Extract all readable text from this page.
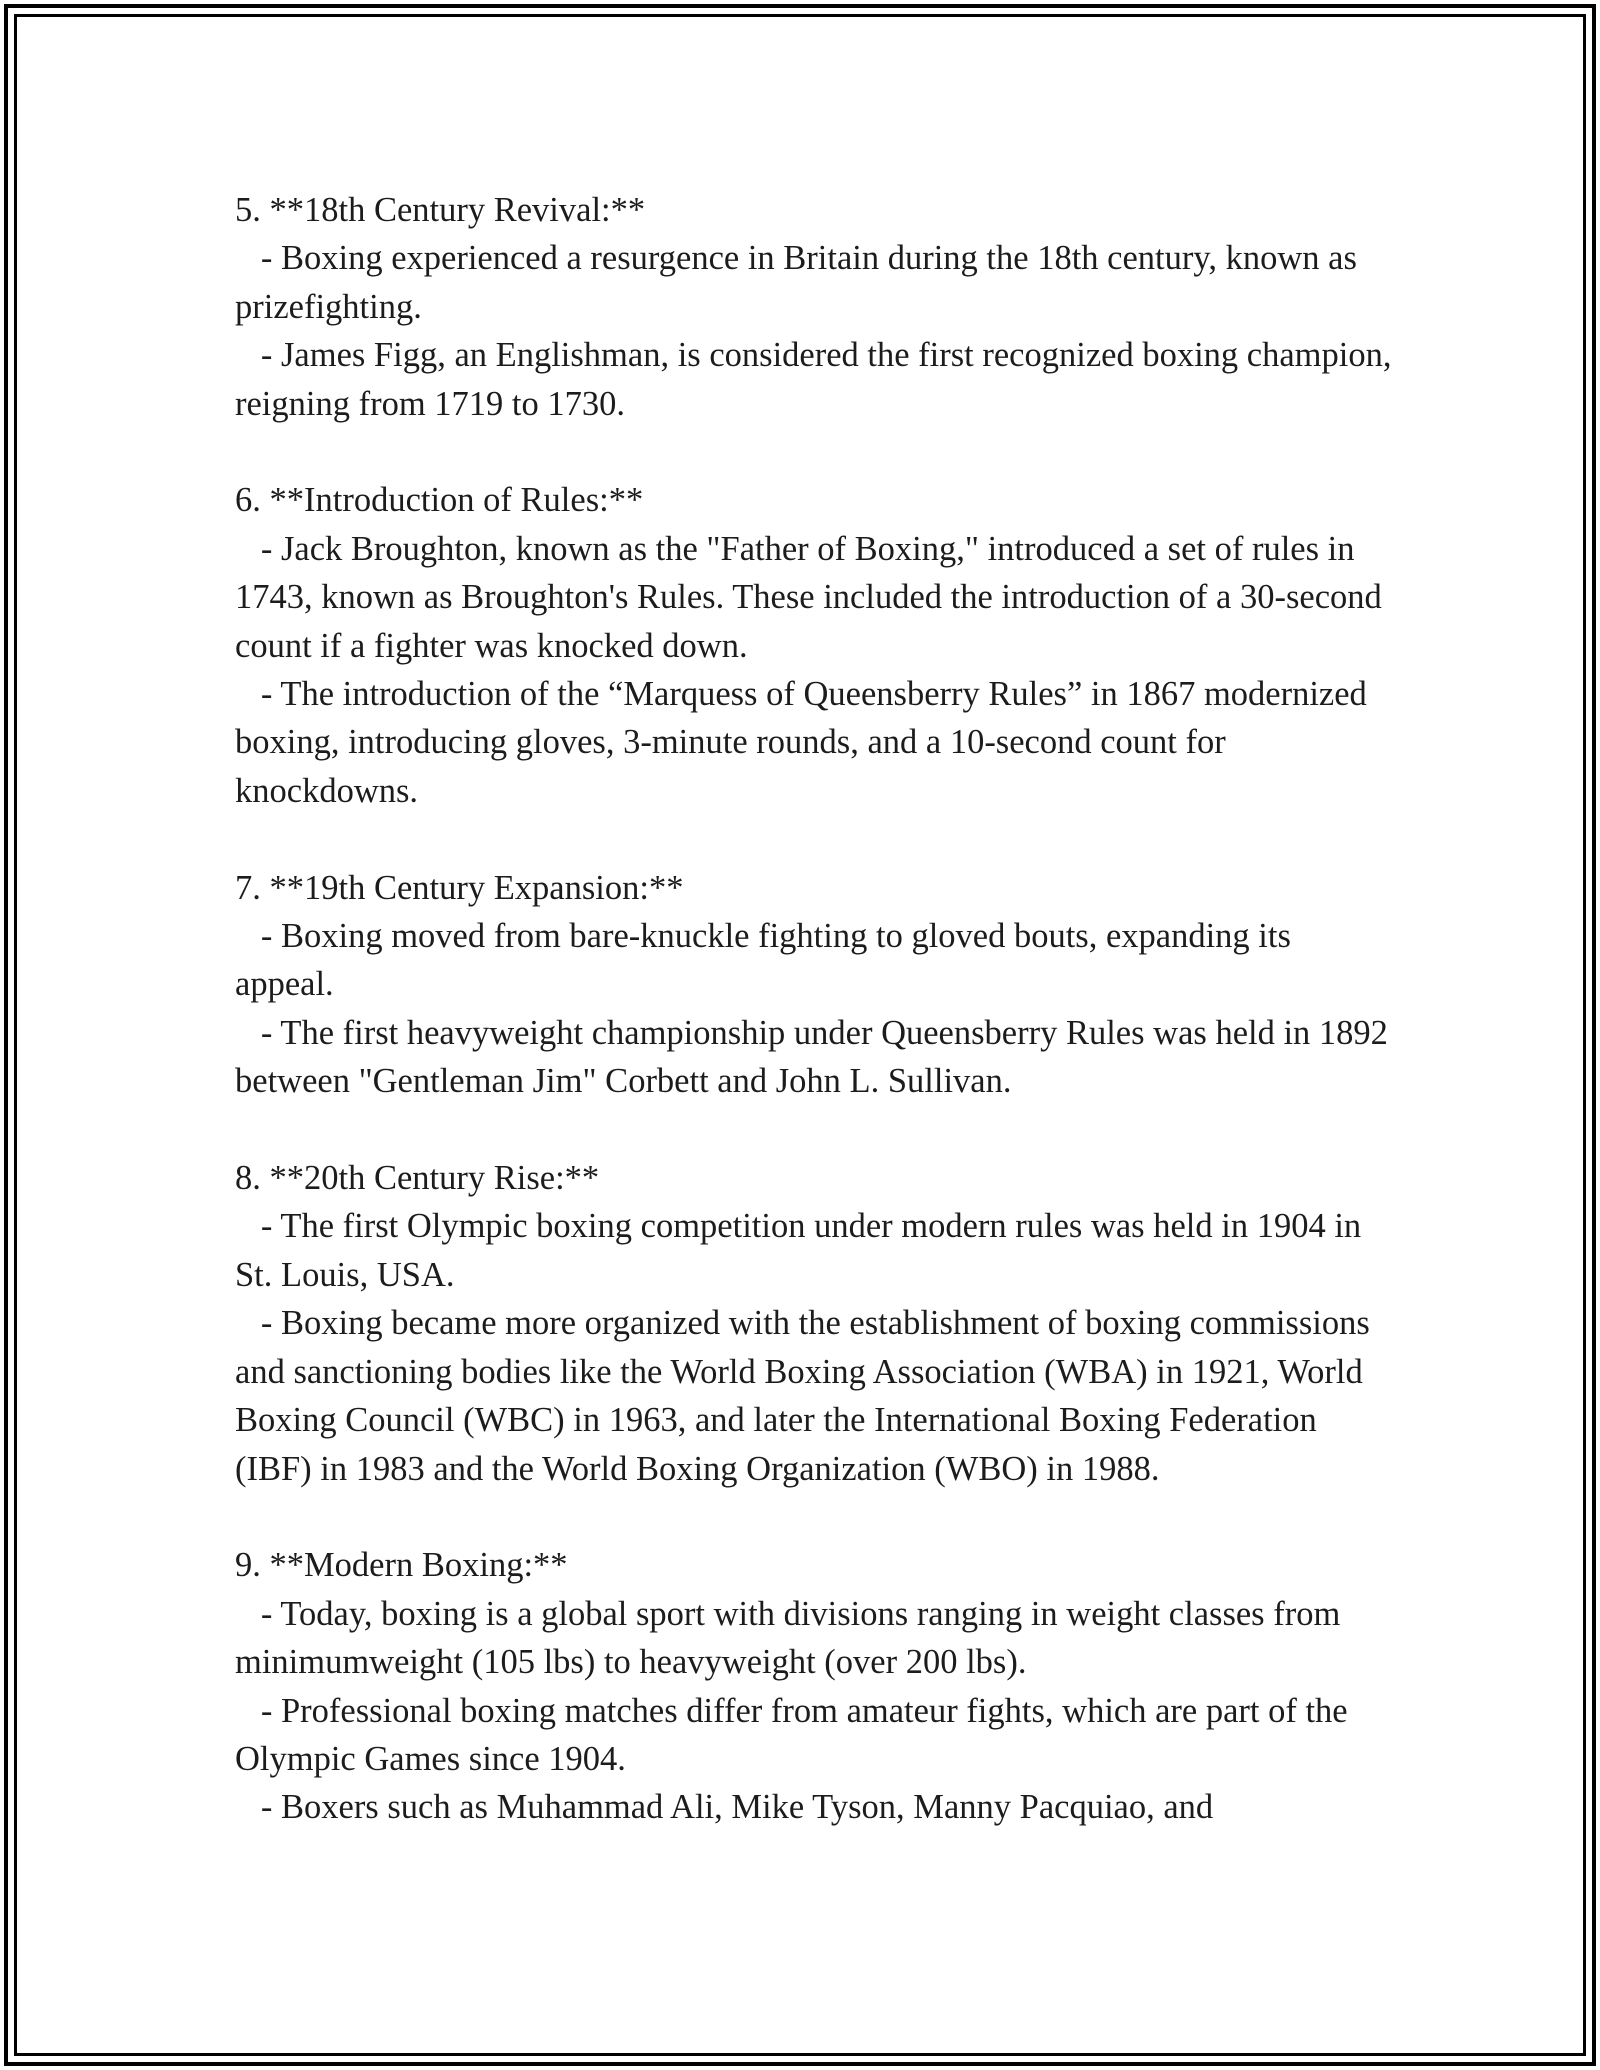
5. **18th Century Revival:**
- Boxing experienced a resurgence in Britain during the 18th century, known as prizefighting.
- James Figg, an Englishman, is considered the first recognized boxing champion, reigning from 1719 to 1730.
6. **Introduction of Rules:**
- Jack Broughton, known as the "Father of Boxing," introduced a set of rules in 1743, known as Broughton's Rules. These included the introduction of a 30-second count if a fighter was knocked down.
- The introduction of the “Marquess of Queensberry Rules” in 1867 modernized boxing, introducing gloves, 3-minute rounds, and a 10-second count for knockdowns.
7. **19th Century Expansion:**
- Boxing moved from bare-knuckle fighting to gloved bouts, expanding its appeal.
- The first heavyweight championship under Queensberry Rules was held in 1892 between "Gentleman Jim" Corbett and John L. Sullivan.
8. **20th Century Rise:**
- The first Olympic boxing competition under modern rules was held in 1904 in St. Louis, USA.
- Boxing became more organized with the establishment of boxing commissions and sanctioning bodies like the World Boxing Association (WBA) in 1921, World Boxing Council (WBC) in 1963, and later the International Boxing Federation (IBF) in 1983 and the World Boxing Organization (WBO) in 1988.
9. **Modern Boxing:**
- Today, boxing is a global sport with divisions ranging in weight classes from minimumweight (105 lbs) to heavyweight (over 200 lbs).
- Professional boxing matches differ from amateur fights, which are part of the Olympic Games since 1904.
- Boxers such as Muhammad Ali, Mike Tyson, Manny Pacquiao, and
